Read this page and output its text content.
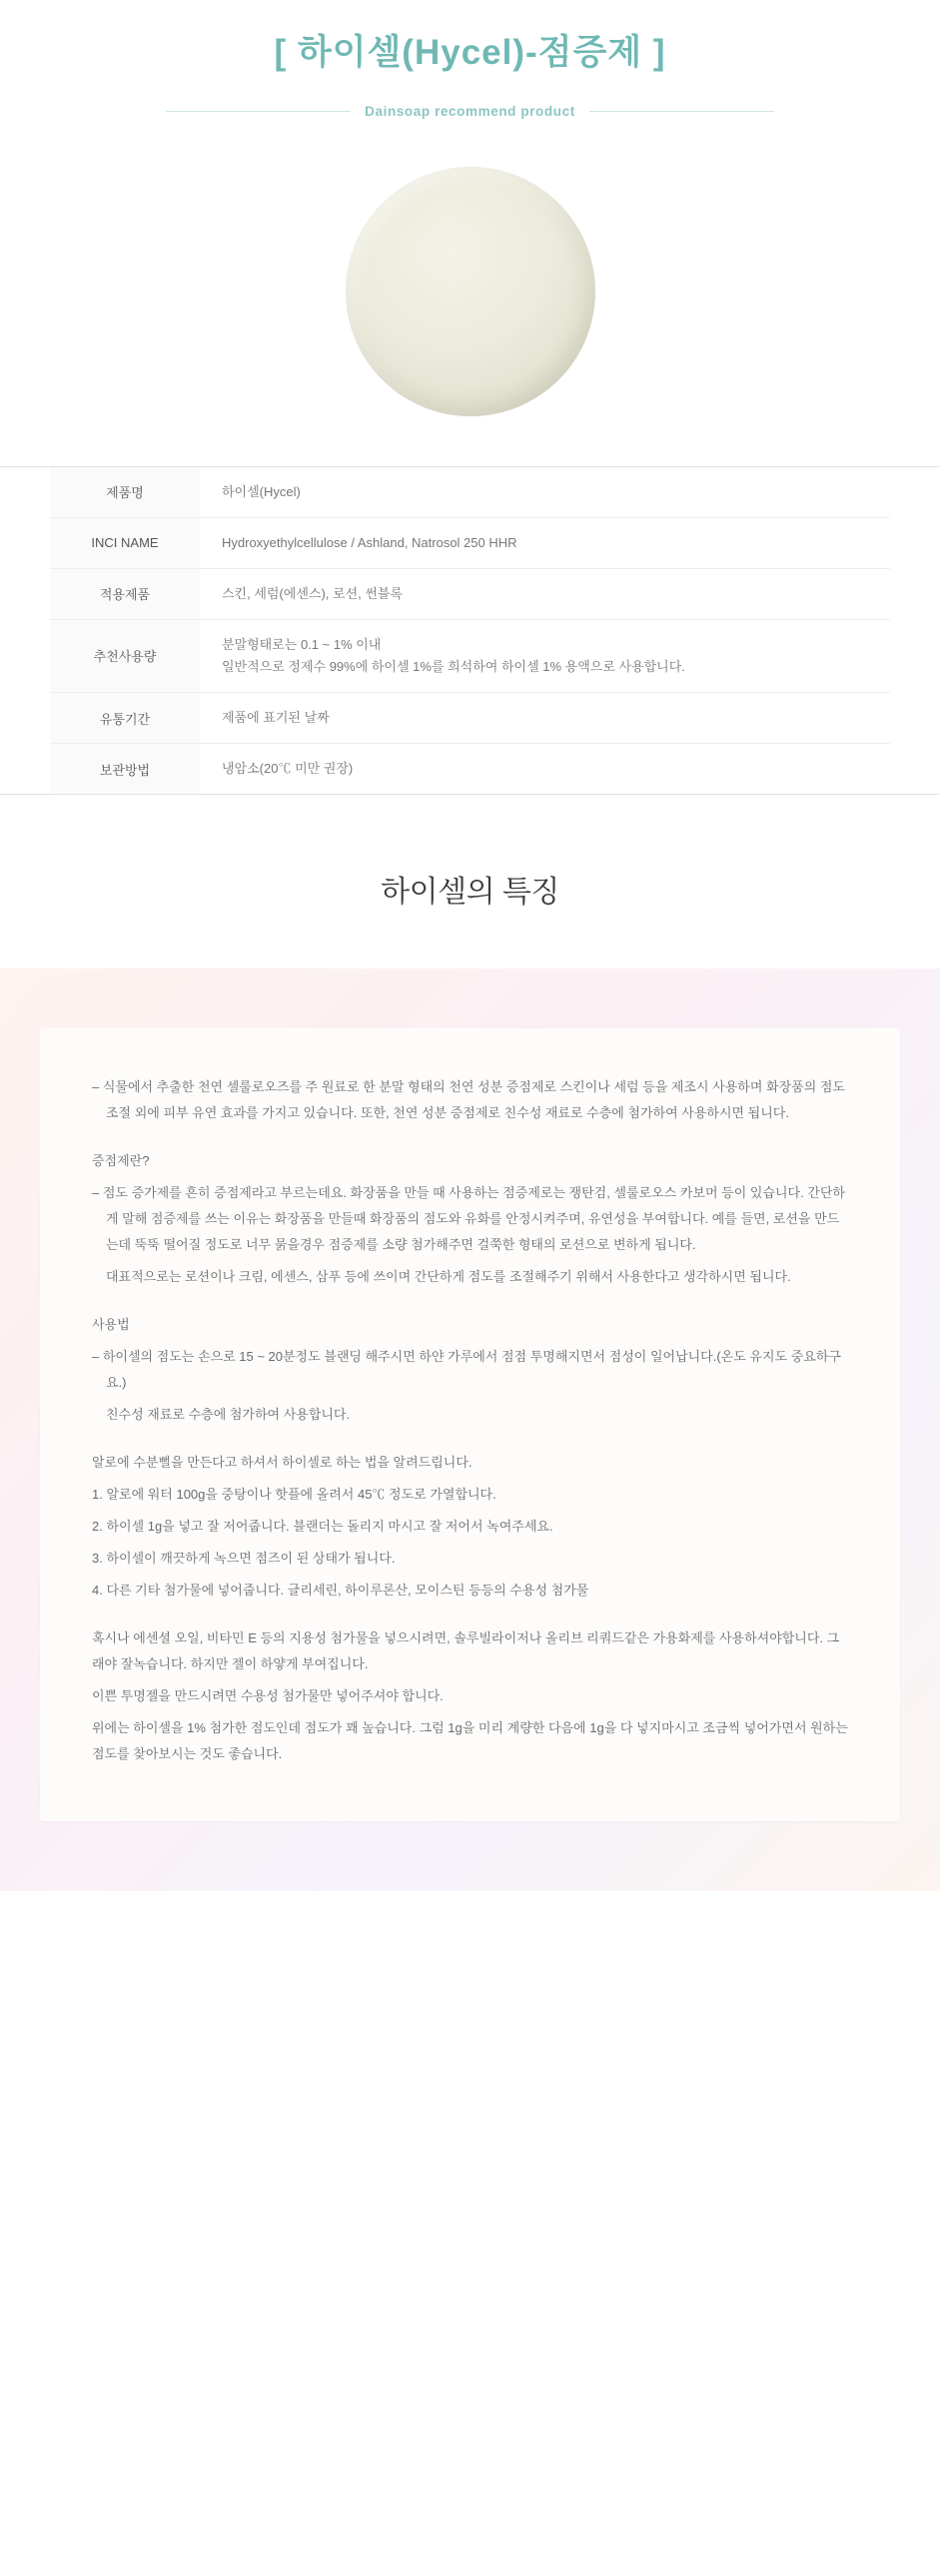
[ 하이셀(Hycel)-점증제 ]
Dainsoap recommend product
제품명	하이셀(Hycel)
INCI NAME	Hydroxyethylcellulose / Ashland, Natrosol 250 HHR
적용제품	스킨, 세럼(에센스), 로션, 썬블록
추천사용량	분말형태로는 0.1 ~ 1% 이내
일반적으로 정제수 99%에 하이셀 1%를 희석하여 하이셀 1% 용액으로 사용합니다.

유통기간	제품에 표기된 날짜
보관방법	냉암소(20℃ 미만 권장)
하이셀의 특징

– 식물에서 추출한 천연 셀룰로오즈를 주 원료로 한 분말 형태의 천연 성분 증점제로 스킨이나 세럼 등을 제조시 사용하며 화장품의 점도 조절 외에 피부 유연 효과를 가지고 있습니다. 또한, 천연 성분 증점제로 친수성 재료로 수층에 첨가하여 사용하시면 됩니다.

증점제란?

– 점도 증가제를 흔히 증점제라고 부르는데요. 화장품을 만들 때 사용하는 점증제로는 쟁탄검, 셀룰로오스 카보머 등이 있습니다. 간단하게 말해 점증제를 쓰는 이유는 화장품을 만들때 화장품의 점도와 유화를 안정시켜주며, 유연성을 부여합니다. 예를 들면, 로션을 만드는데 뚝뚝 떨어질 정도로 너무 묽을경우 점증제를 소량 첨가해주면 걸쭉한 형태의 로션으로 변하게 됩니다.

대표적으로는 로션이나 크림, 에센스, 삼푸 등에 쓰이며 간단하게 점도를 조절해주기 위해서 사용한다고 생각하시면 됩니다.

사용법

– 하이셀의 점도는 손으로 15 ~ 20분정도 블랜딩 해주시면 하얀 가루에서 점점 투명해지면서 점성이 일어납니다.(온도 유지도 중요하구요.)

친수성 재료로 수층에 첨가하여 사용합니다.

알로에 수분뻘을 만든다고 하셔서 하이셀로 하는 법을 알려드립니다.

1. 알로에 워터 100g을 중탕이나 핫플에 올려서 45℃ 정도로 가열합니다.

2. 하이셀 1g을 넣고 잘 저어줍니다. 블랜더는 돌리지 마시고 잘 저어서 녹여주세요.

3. 하이셀이 깨끗하게 녹으면 점즈이 된 상태가 됩니다.

4. 다른 기타 첨가물에 넣어줍니다. 글리세린, 하이루론산, 모이스틴 등등의 수용성 첨가물

혹시나 에센셜 오일, 비타민 E 등의 지용성 첨가물을 넣으시려면, 솔루빌라이저나 올리브 리쿼드같은 가용화제를 사용하셔야합니다. 그래야 잘녹습니다. 하지만 젤이 하얗게 부여집니다.

이쁜 투명젤을 만드시려면 수용성 첨가물만 넣어주셔야 합니다.

위에는 하이셀을 1% 첨가한 점도인데 점도가 꽤 높습니다. 그럼 1g을 미리 계량한 다음에 1g을 다 넣지마시고 조금씩 넣어가면서 원하는 점도를 찾아보시는 것도 좋습니다.
